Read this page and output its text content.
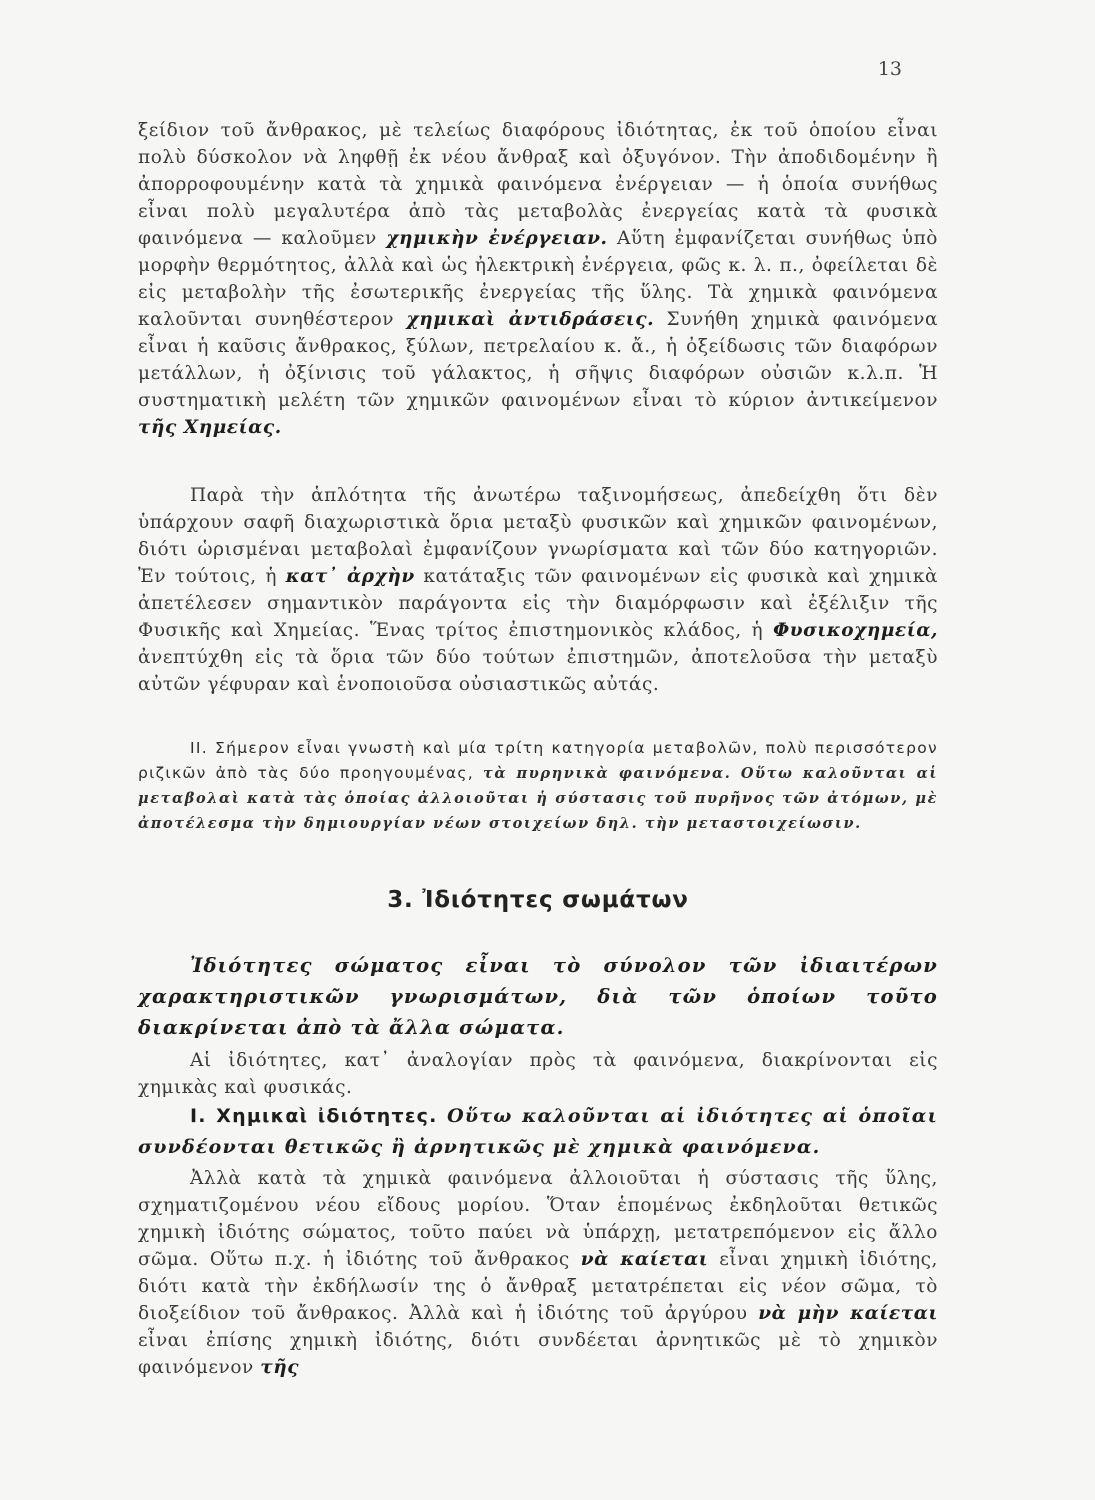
13

ξείδιον τοῦ ἄνθρακος, μὲ τελείως διαφόρους ἰδιότητας, ἐκ τοῦ ὁποίου εἶναι πολὺ δύσκολον νὰ ληφθῇ ἐκ νέου ἄνθραξ καὶ ὀξυγόνον. Τὴν ἀποδιδομένην ἢ ἀπορροφουμένην κατὰ τὰ χημικὰ φαινόμενα ἐνέργειαν — ἡ ὁποία συνήθως εἶναι πολὺ μεγαλυτέρα ἀπὸ τὰς μεταβολὰς ἐνεργείας κατὰ τὰ φυσικὰ φαινόμενα — καλοῦμεν χημικὴν ἐνέργειαν. Αὕτη ἐμφανίζεται συνήθως ὑπὸ μορφὴν θερμότητος, ἀλλὰ καὶ ὡς ἠλεκτρικὴ ἐνέργεια, φῶς κ. λ. π., ὀφείλεται δὲ εἰς μεταβολὴν τῆς ἐσωτερικῆς ἐνεργείας τῆς ὕλης. Τὰ χημικὰ φαινόμενα καλοῦνται συνηθέστερον χημικαὶ ἀντιδράσεις. Συνήθη χημικὰ φαινόμενα εἶναι ἡ καῦσις ἄνθρακος, ξύλων, πετρελαίου κ. ἄ., ἡ ὀξείδωσις τῶν διαφόρων μετάλλων, ἡ ὀξίνισις τοῦ γάλακτος, ἡ σῆψις διαφόρων οὐσιῶν κ.λ.π. Ἡ συστηματικὴ μελέτη τῶν χημικῶν φαινομένων εἶναι τὸ κύριον ἀντικείμενον τῆς Χημείας.

Παρὰ τὴν ἁπλότητα τῆς ἀνωτέρω ταξινομήσεως, ἀπεδείχθη ὅτι δὲν ὑπάρχουν σαφῆ διαχωριστικὰ ὅρια μεταξὺ φυσικῶν καὶ χημικῶν φαινομένων, διότι ὡρισμέναι μεταβολαὶ ἐμφανίζουν γνωρίσματα καὶ τῶν δύο κατηγοριῶν. Ἐν τούτοις, ἡ κατ᾿ ἀρχὴν κατάταξις τῶν φαινομένων εἰς φυσικὰ καὶ χημικὰ ἀπετέλεσεν σημαντικὸν παράγοντα εἰς τὴν διαμόρφωσιν καὶ ἐξέλιξιν τῆς Φυσικῆς καὶ Χημείας. Ἕνας τρίτος ἐπιστημονικὸς κλάδος, ἡ Φυσικοχημεία, ἀνεπτύχθη εἰς τὰ ὅρια τῶν δύο τούτων ἐπιστημῶν, ἀποτελοῦσα τὴν μεταξὺ αὐτῶν γέφυραν καὶ ἑνοποιοῦσα οὐσιαστικῶς αὐτάς.

ΙΙ. Σήμερον εἶναι γνωστὴ καὶ μία τρίτη κατηγορία μεταβολῶν, πολὺ περισσότερον ριζικῶν ἀπὸ τὰς δύο προηγουμένας, τὰ πυρηνικὰ φαινόμενα. Οὕτω καλοῦνται αἱ μεταβολαὶ κατὰ τὰς ὁποίας ἀλλοιοῦται ἡ σύστασις τοῦ πυρῆνος τῶν ἀτόμων, μὲ ἀποτέλεσμα τὴν δημιουργίαν νέων στοιχείων δηλ. τὴν μεταστοιχείωσιν.

3. Ἰδιότητες σωμάτων

Ἰδιότητες σώματος εἶναι τὸ σύνολον τῶν ἰδιαιτέρων χαρακτηριστικῶν γνωρισμάτων, διὰ τῶν ὁποίων τοῦτο διακρίνεται ἀπὸ τὰ ἄλλα σώματα.

Αἱ ἰδιότητες, κατ᾿ ἀναλογίαν πρὸς τὰ φαινόμενα, διακρίνονται εἰς χημικὰς καὶ φυσικάς.

Ι. Χημικαὶ ἰδιότητες. Οὕτω καλοῦνται αἱ ἰδιότητες αἱ ὁποῖαι συνδέονται θετικῶς ἢ ἀρνητικῶς μὲ χημικὰ φαινόμενα.

Ἀλλὰ κατὰ τὰ χημικὰ φαινόμενα ἀλλοιοῦται ἡ σύστασις τῆς ὕλης, σχηματιζομένου νέου εἴδους μορίου. Ὅταν ἑπομένως ἐκδηλοῦται θετικῶς χημικὴ ἰδιότης σώματος, τοῦτο παύει νὰ ὑπάρχῃ, μετατρεπόμενον εἰς ἄλλο σῶμα. Οὕτω π.χ. ἡ ἰδιότης τοῦ ἄνθρακος νὰ καίεται εἶναι χημικὴ ἰδιότης, διότι κατὰ τὴν ἐκδήλωσίν της ὁ ἄνθραξ μετατρέπεται εἰς νέον σῶμα, τὸ διοξείδιον τοῦ ἄνθρακος. Ἀλλὰ καὶ ἡ ἰδιότης τοῦ ἀργύρου νὰ μὴν καίεται εἶναι ἐπίσης χημικὴ ἰδιότης, διότι συνδέεται ἀρνητικῶς μὲ τὸ χημικὸν φαινόμενον τῆς
